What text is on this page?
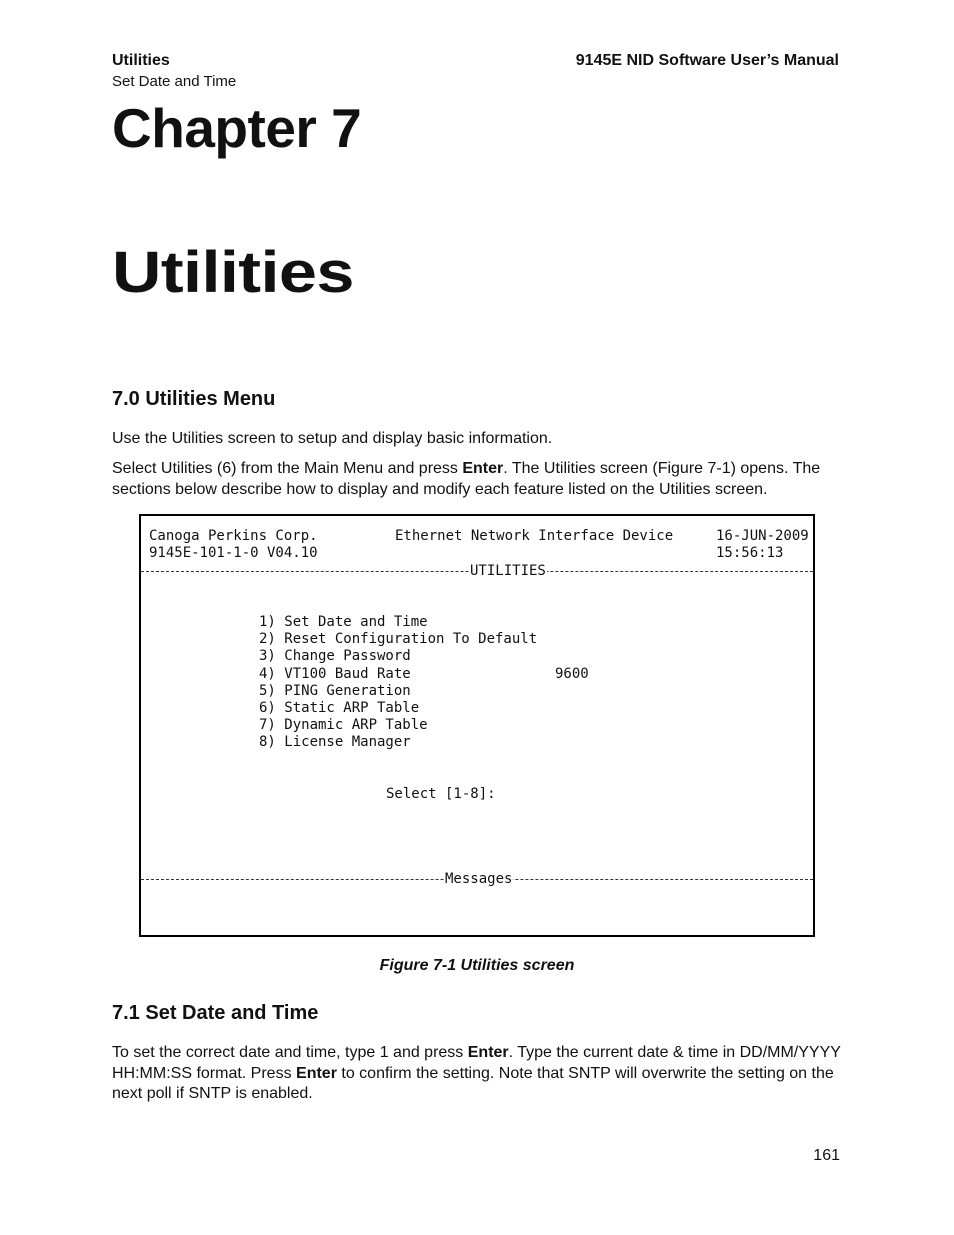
Utilities
Set Date and Time
9145E NID Software User’s Manual
Chapter 7
Utilities
7.0 Utilities Menu
Use the Utilities screen to setup and display basic information.
Select Utilities (6) from the Main Menu and press Enter. The Utilities screen (Figure 7-1) opens. The sections below describe how to display and modify each feature listed on the Utilities screen.
Canoga Perkins Corp.	Ethernet Network Interface Device	16-JUN-2009
9145E-101-1-0 V04.10	15:56:13
UTILITIES
1) Set Date and Time
2) Reset Configuration To Default
3) Change Password
4) VT100 Baud Rate	9600
5) PING Generation
6) Static ARP Table
7) Dynamic ARP Table
8) License Manager
Select [1-8]:
Messages
Figure 7-1 Utilities screen
7.1 Set Date and Time
To set the correct date and time, type 1 and press Enter. Type the current date & time in DD/MM/YYYY HH:MM:SS format. Press Enter to confirm the setting. Note that SNTP will overwrite the setting on the next poll if SNTP is enabled.
161
